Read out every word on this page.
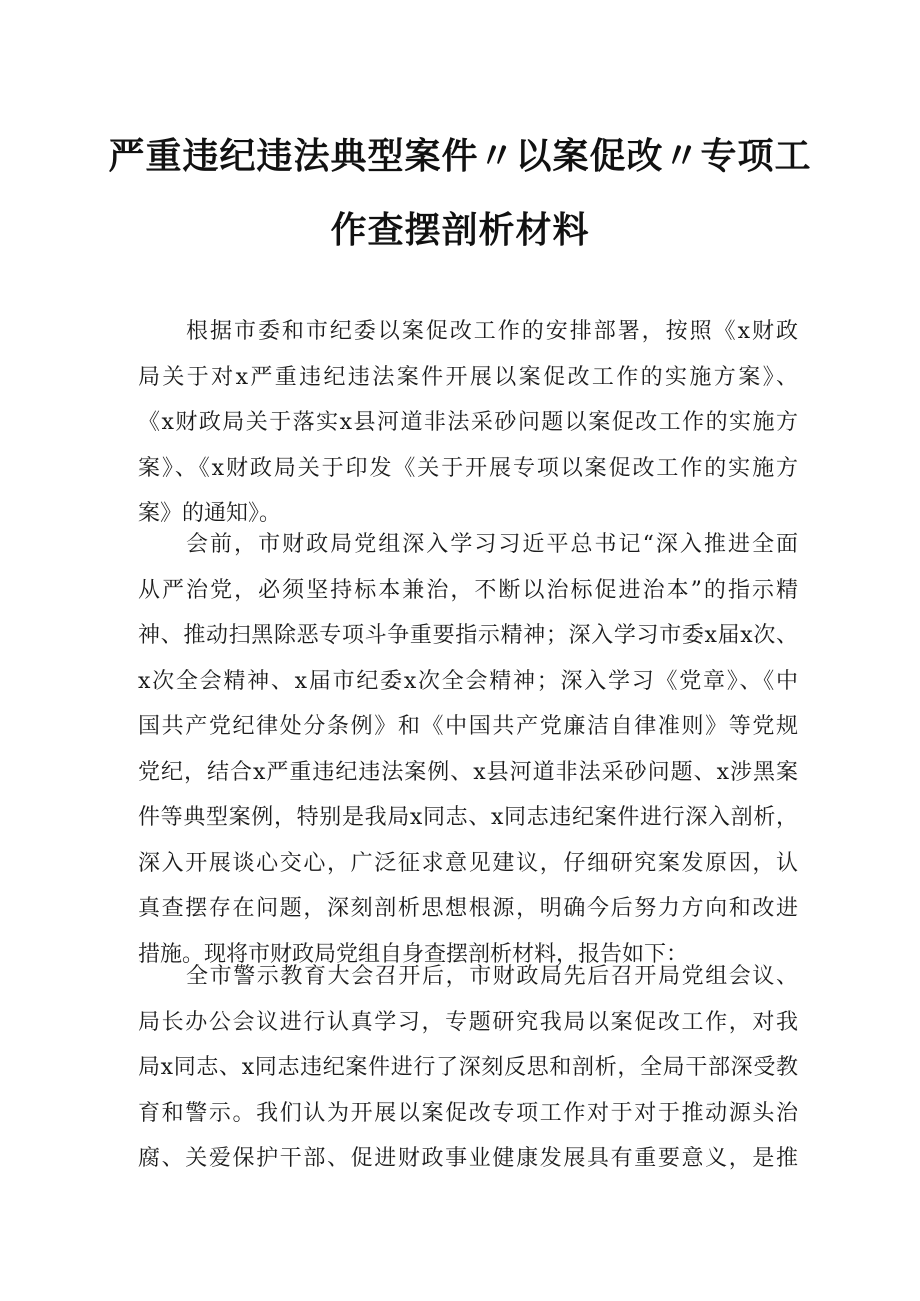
严重违纪违法典型案件〃以案促改〃专项工
作查摆剖析材料
根据市委和市纪委以案促改工作的安排部署，按照《x财政
局关于对x严重违纪违法案件开展以案促改工作的实施方案》、
《x财政局关于落实x县河道非法采砂问题以案促改工作的实施方
案》、《x财政局关于印发《关于开展专项以案促改工作的实施方
案》的通知》。
会前，市财政局党组深入学习习近平总书记“深入推进全面
从严治党，必须坚持标本兼治，不断以治标促进治本”的指示精
神、推动扫黑除恶专项斗争重要指示精神；深入学习市委x届x次、
x次全会精神、x届市纪委x次全会精神；深入学习《党章》、《中
国共产党纪律处分条例》和《中国共产党廉洁自律准则》等党规
党纪，结合x严重违纪违法案例、x县河道非法采砂问题、x涉黑案
件等典型案例，特别是我局x同志、x同志违纪案件进行深入剖析，
深入开展谈心交心，广泛征求意见建议，仔细研究案发原因，认
真查摆存在问题，深刻剖析思想根源，明确今后努力方向和改进
措施。现将市财政局党组自身查摆剖析材料，报告如下：
全市警示教育大会召开后，市财政局先后召开局党组会议、
局长办公会议进行认真学习，专题研究我局以案促改工作，对我
局x同志、x同志违纪案件进行了深刻反思和剖析，全局干部深受教
育和警示。我们认为开展以案促改专项工作对于对于推动源头治
腐、关爱保护干部、促进财政事业健康发展具有重要意义，是推
